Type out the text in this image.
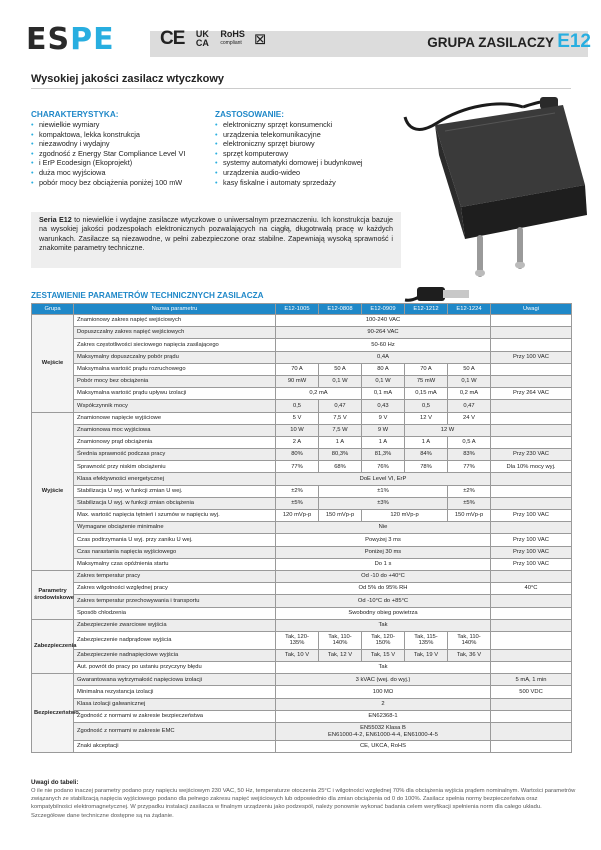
ESPE CE UK CA
RoHS
compliant ⊠	GRUPA ZASILACZY E12
Wysokiej jakości zasilacz wtyczkowy
CHARAKTERYSTYKA:
• niewielkie wymiary
• kompaktowa, lekka konstrukcja
• niezawodny i wydajny
• zgodność z Energy Star Compliance Level VI
• i ErP Ecodesign (Ekoprojekt)
• duża moc wyjściowa
• pobór mocy bez obciążenia poniżej 100 mW
ZASTOSOWANIE:
• elektroniczny sprzęt konsumencki
• urządzenia telekomunikacyjne
• elektroniczny sprzęt biurowy
• sprzęt komputerowy
• systemy automatyki domowej i budynkowej
• urządzenia audio-wideo
• kasy fiskalne i automaty sprzedaży
Seria E12 to niewielkie i wydajne zasilacze wtyczkowe o uniwersalnym przeznaczeniu. Ich konstrukcja bazuje na wysokiej jakości podzespołach elektronicznych pozwalających na ciągłą, długotrwałą pracę w każdych warunkach. Zasilacze są niezawodne, w pełni zabezpieczone oraz stabilne. Zapewniają wysoką sprawność i znakomite parametry techniczne.
ZESTAWIENIE PARAMETRÓW TECHNICZNYCH ZASILACZA
Grupa	Nazwa parametru	E12-1005	E12-0808	E12-0909	E12-1212	E12-1224	Uwagi
Wejście	Znamionowy zakres napięć wejściowych	100-240 VAC					
	Dopuszczalny zakres napięć wejściowych	90-264 VAC					
	Zakres częstotliwości sieciowego napięcia zasilającego	50-60 Hz					
	Maksymalny dopuszczalny pobór prądu	0,4A					Przy 100 VAC
	Maksymalna wartość prądu rozruchowego	70 A	50 A	80 A	70 A	50 A	
	Pobór mocy bez obciążenia	90 mW	0,1 W	0,1 W	75 mW	0,1 W	
	Maksymalna wartość prądu upływu izolacji	0,2 mA		0,1 mA	0,15 mA	0,2 mA	Przy 264 VAC
	Współczynnik mocy	0,5	0,47	0,43	0,5	0,47	
Wyjście	Znamionowe napięcie wyjściowe	5 V	7,5 V	9 V	12 V	24 V	
	Znamionowa moc wyjściowa	10 W	7,5 W	9 W	12 W		
	Znamionowy prąd obciążenia	2 A	1 A	1 A	1 A	0,5 A	
	Średnia sprawność podczas pracy	80%	80,3%	81,3%	84%	83%	Przy 230 VAC
	Sprawność przy niskim obciążeniu	77%	68%	76%	78%	77%	Dla 10% mocy wyj.
	Klasa efektywności energetycznej	DoE Level VI, ErP					
	Stabilizacja U wyj. w funkcji zmian U wej.	±2%	±1%			±2%	
	Stabilizacja U wyj. w funkcji zmian obciążenia	±5%	±3%			±5%	
	Max. wartość napięcia tętnień i szumów w napięciu wyj.	120 mVp-p	150 mVp-p	120 mVp-p		150 mVp-p	Przy 100 VAC
	Wymagane obciążenie minimalne	Nie					
	Czas podtrzymania U wyj. przy zaniku U wej.	Powyżej 3 ms					Przy 100 VAC
	Czas narastania napięcia wyjściowego	Poniżej 30 ms					Przy 100 VAC
	Maksymalny czas opóźnienia startu	Do 1 s					Przy 100 VAC
Parametry środowiskowe	Zakres temperatur pracy	Od -10 do +40°C					
	Zakres wilgotności względnej pracy	Od 5% do 95% RH					40°C
	Zakres temperatur przechowywania i transportu	Od -10°C do +85°C					
	Sposób chłodzenia	Swobodny obieg powietrza					
Zabezpieczenia	Zabezpieczenie zwarciowe wyjścia	Tak					
	Zabezpieczenie nadprądowe wyjścia	Tak, 120-135%	Tak, 110-140%	Tak, 120-150%	Tak, 115-135%	Tak, 110-140%	
	Zabezpieczenie nadnapięciowe wyjścia	Tak, 10 V	Tak, 12 V	Tak, 15 V	Tak, 19 V	Tak, 36 V	
	Aut. powrót do pracy po ustaniu przyczyny błędu	Tak					
Bezpieczeństwo	Gwarantowana wytrzymałość napięciowa izolacji	3 kVAC (wej. do wyj.)					5 mA, 1 min
	Minimalna rezystancja izolacji	100 MΩ					500 VDC
	Klasa izolacji galwanicznej	2					
	Zgodność z normami w zakresie bezpieczeństwa	EN62368-1					
	Zgodność z normami w zakresie EMC	EN55032 Klasa B
EN61000-4-2, EN61000-4-4, EN61000-4-5					
	Znaki akceptacji	CE, UKCA, RoHS					
Uwagi do tabeli:
O ile nie podano inaczej parametry podano przy napięciu wejściowym 230 VAC, 50 Hz, temperaturze otoczenia 25°C i wilgotności względnej 70% dla obciążenia wyjścia prądem nominalnym. Wartości parametrów związanych ze stabilizacją napięcia wyjściowego podano dla pełnego zakresu napięć wejściowych lub odpowiednio dla zmian obciążenia od 0 do 100%. Zasilacz spełnia normy bezpieczeństwa oraz kompatybilności elektromagnetycznej. W przypadku instalacji zasilacza w finalnym urządzeniu jako podzespół, należy ponownie wykonać badania celem weryfikacji spełnienia norm dla całego układu. Szczegółowe dane techniczne dostępne są na żądanie.
